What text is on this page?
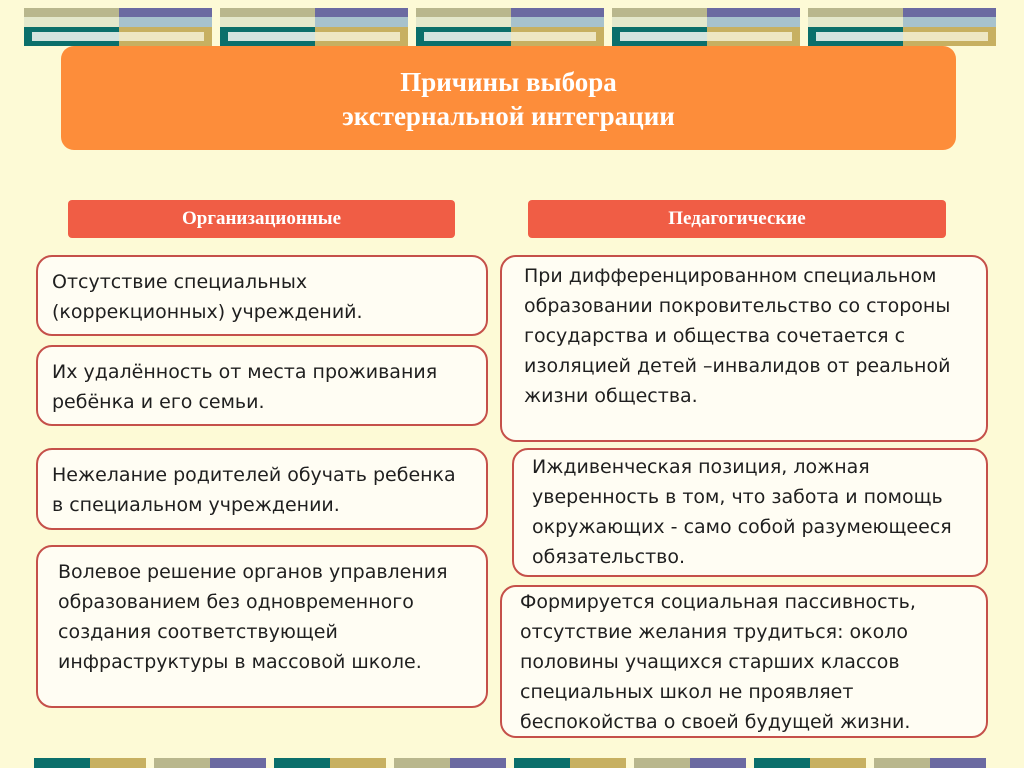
Причины выбора
экстернальной интеграции
Организационные	Педагогические
Отсутствие специальных (коррекционных) учреждений.
Их удалённость от места проживания ребёнка и его семьи.
Нежелание родителей обучать ребенка в специальном учреждении.
Волевое решение органов управления образованием без одновременного создания соответствующей инфраструктуры в массовой школе.
При дифференцированном специальном образовании покровительство со стороны государства и общества сочетается с изоляцией детей –инвалидов от реальной жизни общества.
Иждивенческая позиция, ложная уверенность в том, что забота и помощь окружающих - само собой разумеющееся обязательство.
Формируется социальная пассивность, отсутствие желания трудиться: около половины учащихся старших классов специальных школ не проявляет беспокойства о своей будущей жизни.
